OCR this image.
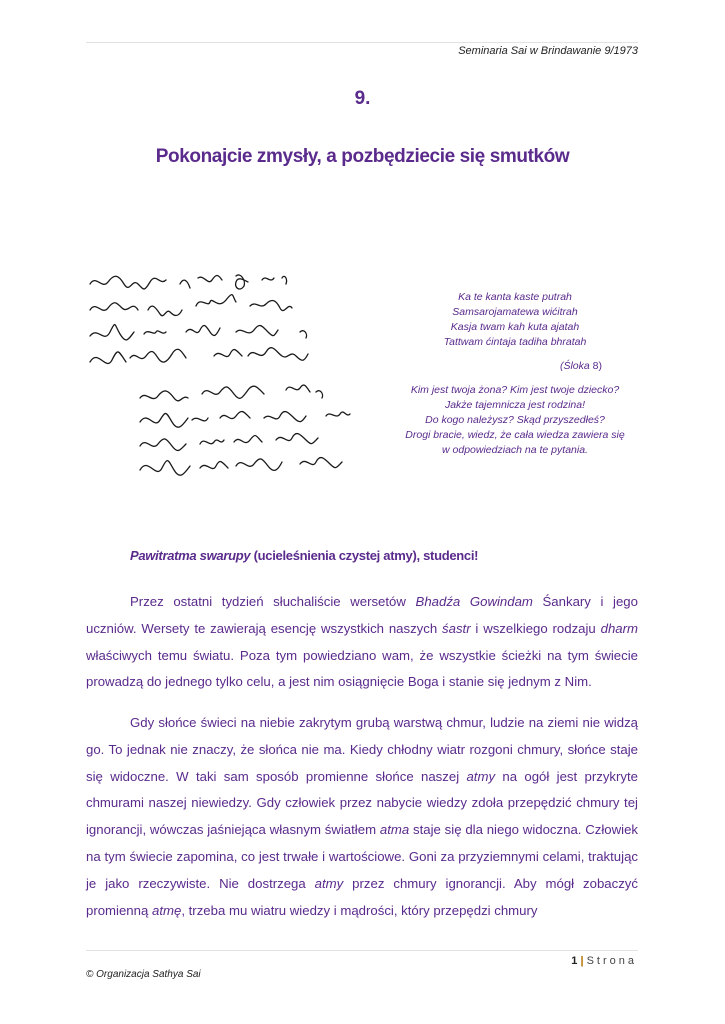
Seminaria Sai w Brindawanie 9/1973
9.
Pokonajcie zmysły, a pozbędziecie się smutków
Ka te kanta kaste putrah
Samsarojamatewa wićitrah
Kasja twam kah kuta ajatah
Tattwam ćintaja tadiha bhratah
(Śloka 8)
Kim jest twoja żona? Kim jest twoje dziecko?
Jakże tajemnicza jest rodzina!
Do kogo należysz? Skąd przyszedłeś?
Drogi bracie, wiedz, że cała wiedza zawiera się
w odpowiedziach na te pytania.
Pawitratma swarupy (ucieleśnienia czystej atmy), studenci!

Przez ostatni tydzień słuchaliście wersetów Bhadźa Gowindam Śankary i jego uczniów. Wersety te zawierają esencję wszystkich naszych śastr i wszelkiego rodzaju dharm właściwych temu światu. Poza tym powiedziano wam, że wszystkie ścieżki na tym świecie prowadzą do jednego tylko celu, a jest nim osiągnięcie Boga i stanie się jednym z Nim.

Gdy słońce świeci na niebie zakrytym grubą warstwą chmur, ludzie na ziemi nie widzą go. To jednak nie znaczy, że słońca nie ma. Kiedy chłodny wiatr rozgoni chmury, słońce staje się widoczne. W taki sam sposób promienne słońce naszej atmy na ogół jest przykryte chmurami naszej niewiedzy. Gdy człowiek przez nabycie wiedzy zdoła przepędzić chmury tej ignorancji, wówczas jaśniejąca własnym światłem atma staje się dla niego widoczna. Człowiek na tym świecie zapomina, co jest trwałe i wartościowe. Goni za przyziemnymi celami, traktując je jako rzeczywiste. Nie dostrzega atmy przez chmury ignorancji. Aby mógł zobaczyć promienną atmę, trzeba mu wiatru wiedzy i mądrości, który przepędzi chmury

1 | Strona
© Organizacja Sathya Sai
